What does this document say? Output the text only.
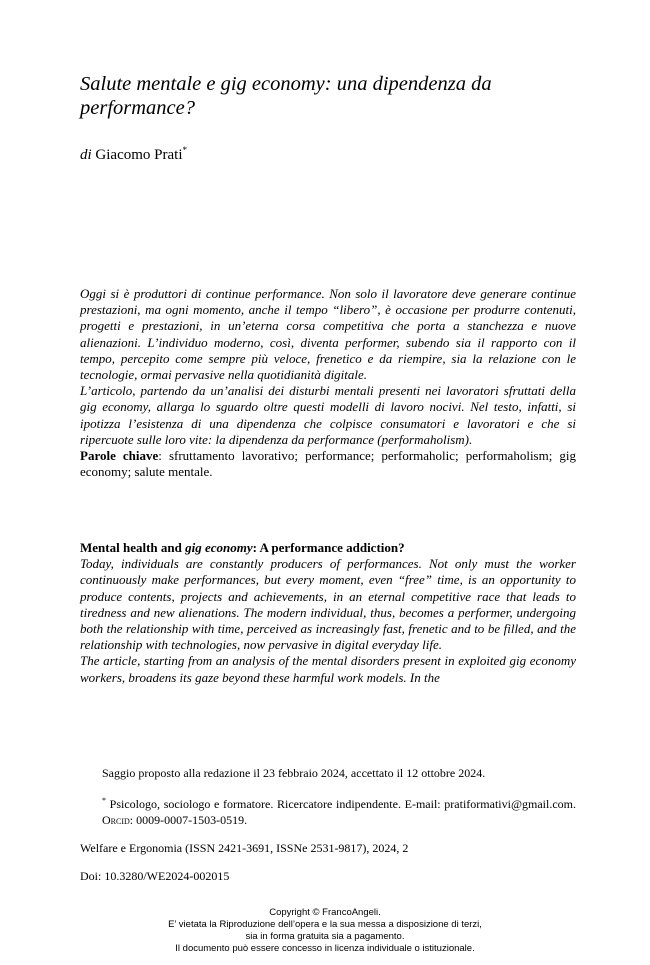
Salute mentale e gig economy: una dipendenza da performance?
di Giacomo Prati*

Oggi si è produttori di continue performance. Non solo il lavoratore deve generare continue prestazioni, ma ogni momento, anche il tempo “libero”, è occasione per produrre contenuti, progetti e prestazioni, in un’eterna corsa competitiva che porta a stanchezza e nuove alienazioni. L’individuo moderno, così, diventa performer, subendo sia il rapporto con il tempo, percepito come sempre più veloce, frenetico e da riempire, sia la relazione con le tecnologie, ormai pervasive nella quotidianità digitale.

L’articolo, partendo da un’analisi dei disturbi mentali presenti nei lavoratori sfruttati della gig economy, allarga lo sguardo oltre questi modelli di lavoro nocivi. Nel testo, infatti, si ipotizza l’esistenza di una dipendenza che colpisce consumatori e lavoratori e che si ripercuote sulle loro vite: la dipendenza da performance (performaholism).

Parole chiave: sfruttamento lavorativo; performance; performaholic; performaholism; gig economy; salute mentale.

Mental health and gig economy: A performance addiction?

Today, individuals are constantly producers of performances. Not only must the worker continuously make performances, but every moment, even “free” time, is an opportunity to produce contents, projects and achievements, in an eternal competitive race that leads to tiredness and new alienations. The modern individual, thus, becomes a performer, undergoing both the relationship with time, perceived as increasingly fast, frenetic and to be filled, and the relationship with technologies, now pervasive in digital everyday life.

The article, starting from an analysis of the mental disorders present in exploited gig economy workers, broadens its gaze beyond these harmful work models. In the

Saggio proposto alla redazione il 23 febbraio 2024, accettato il 12 ottobre 2024.

* Psicologo, sociologo e formatore. Ricercatore indipendente. E-mail: pratiformativi@gmail.com. Orcid: 0009-0007-1503-0519.

Welfare e Ergonomia (ISSN 2421-3691, ISSNe 2531-9817), 2024, 2

Doi: 10.3280/WE2024-002015

Copyright © FrancoAngeli.
E’ vietata la Riproduzione dell’opera e la sua messa a disposizione di terzi,
sia in forma gratuita sia a pagamento.
Il documento può essere concesso in licenza individuale o istituzionale.
